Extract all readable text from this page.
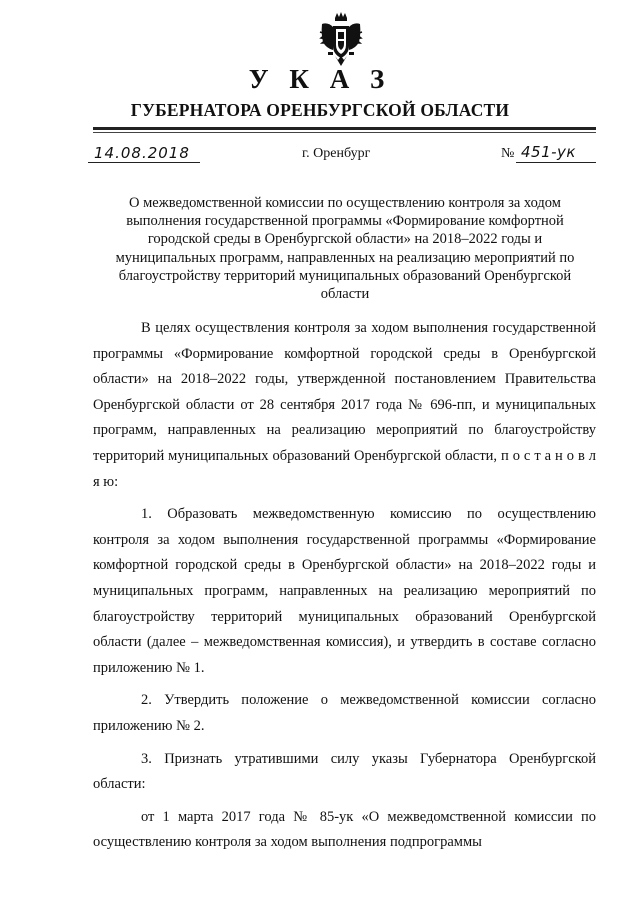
У К А З
ГУБЕРНАТОРА ОРЕНБУРГСКОЙ ОБЛАСТИ
14.08.2018	г. Оренбург	№ 451-ук
О межведомственной комиссии по осуществлению контроля за ходом выполнения государственной программы «Формирование комфортной городской среды в Оренбургской области» на 2018–2022 годы и муниципальных программ, направленных на реализацию мероприятий по благоустройству территорий муниципальных образований Оренбургской области

В целях осуществления контроля за ходом выполнения государственной программы «Формирование комфортной городской среды в Оренбургской области» на 2018–2022 годы, утвержденной постановлением Правительства Оренбургской области от 28 сентября 2017 года № 696-пп, и муниципальных программ, направленных на реализацию мероприятий по благоустройству территорий муниципальных образований Оренбургской области, п о с т а н о в л я ю:

1. Образовать межведомственную комиссию по осуществлению контроля за ходом выполнения государственной программы «Формирование комфортной городской среды в Оренбургской области» на 2018–2022 годы и муниципальных программ, направленных на реализацию мероприятий по благоустройству территорий муниципальных образований Оренбургской области (далее – межведомственная комиссия), и утвердить в составе согласно приложению № 1.

2. Утвердить положение о межведомственной комиссии согласно приложению № 2.

3. Признать утратившими силу указы Губернатора Оренбургской области:

от 1 марта 2017 года № 85-ук «О межведомственной комиссии по осуществлению контроля за ходом выполнения подпрограммы
